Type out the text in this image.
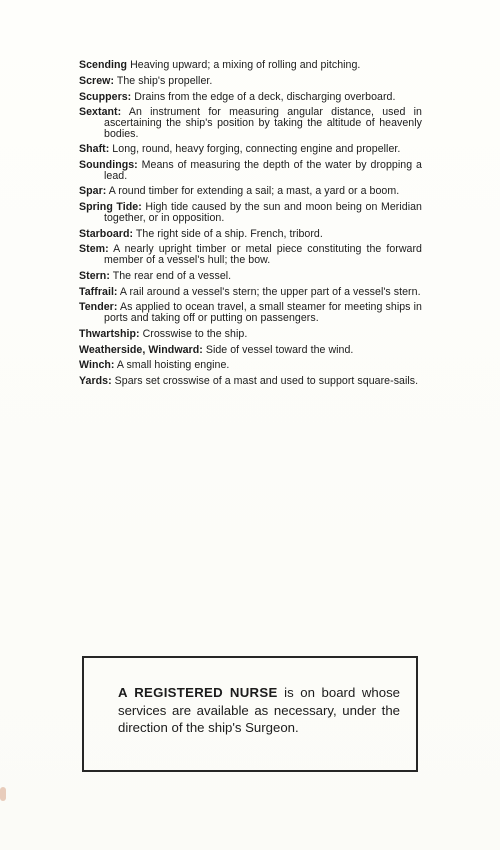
Scending Heaving upward; a mixing of rolling and pitching.
Screw: The ship's propeller.
Scuppers: Drains from the edge of a deck, discharging overboard.
Sextant: An instrument for measuring angular distance, used in ascertaining the ship's position by taking the altitude of heavenly bodies.
Shaft: Long, round, heavy forging, connecting engine and propeller.
Soundings: Means of measuring the depth of the water by dropping a lead.
Spar: A round timber for extending a sail; a mast, a yard or a boom.
Spring Tide: High tide caused by the sun and moon being on Meridian together, or in opposition.
Starboard: The right side of a ship. French, tribord.
Stem: A nearly upright timber or metal piece constituting the forward member of a vessel's hull; the bow.
Stern: The rear end of a vessel.
Taffrail: A rail around a vessel's stern; the upper part of a vessel's stern.
Tender: As applied to ocean travel, a small steamer for meeting ships in ports and taking off or putting on passengers.
Thwartship: Crosswise to the ship.
Weatherside, Windward: Side of vessel toward the wind.
Winch: A small hoisting engine.
Yards: Spars set crosswise of a mast and used to support square-sails.
A REGISTERED NURSE is on board whose services are available as necessary, under the direction of the ship's Surgeon.
